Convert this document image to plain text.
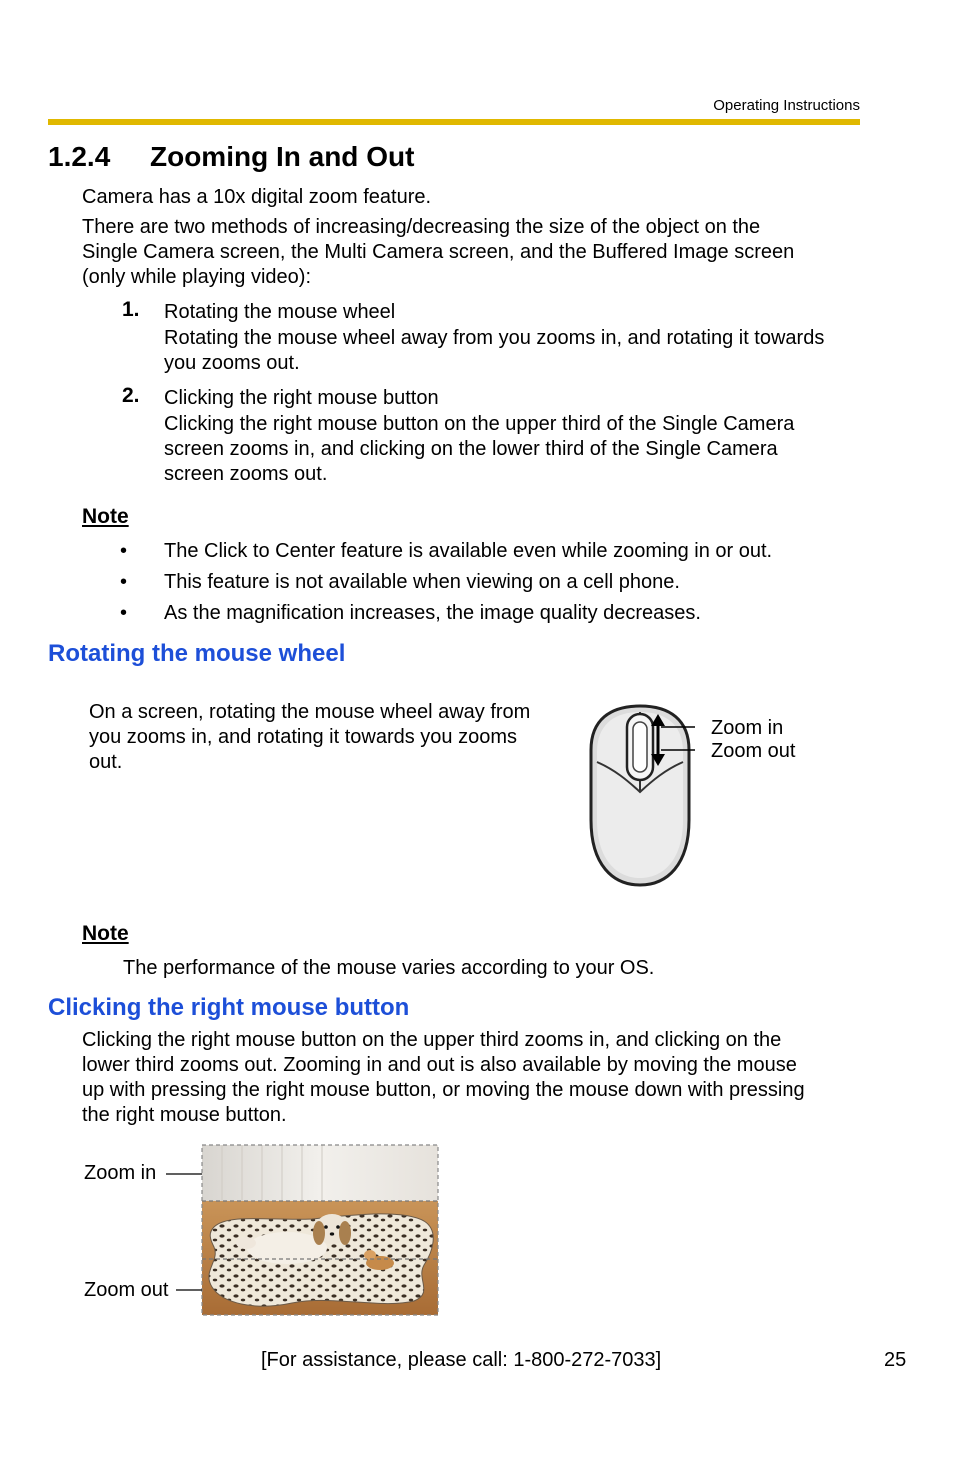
Operating Instructions
1.2.4 Zooming In and Out
Camera has a 10x digital zoom feature.
There are two methods of increasing/decreasing the size of the object on the
Single Camera screen, the Multi Camera screen, and the Buffered Image screen
(only while playing video):
1. Rotating the mouse wheel
Rotating the mouse wheel away from you zooms in, and rotating it towards
you zooms out.
2. Clicking the right mouse button
Clicking the right mouse button on the upper third of the Single Camera
screen zooms in, and clicking on the lower third of the Single Camera
screen zooms out.
Note
• The Click to Center feature is available even while zooming in or out.
• This feature is not available when viewing on a cell phone.
• As the magnification increases, the image quality decreases.
Rotating the mouse wheel
On a screen, rotating the mouse wheel away from
you zooms in, and rotating it towards you zooms
out.
Zoom in
Zoom out
Note
The performance of the mouse varies according to your OS.
Clicking the right mouse button
Clicking the right mouse button on the upper third zooms in, and clicking on the
lower third zooms out. Zooming in and out is also available by moving the mouse
up with pressing the right mouse button, or moving the mouse down with pressing
the right mouse button.
Zoom in
Zoom out
[For assistance, please call: 1-800-272-7033]	25
